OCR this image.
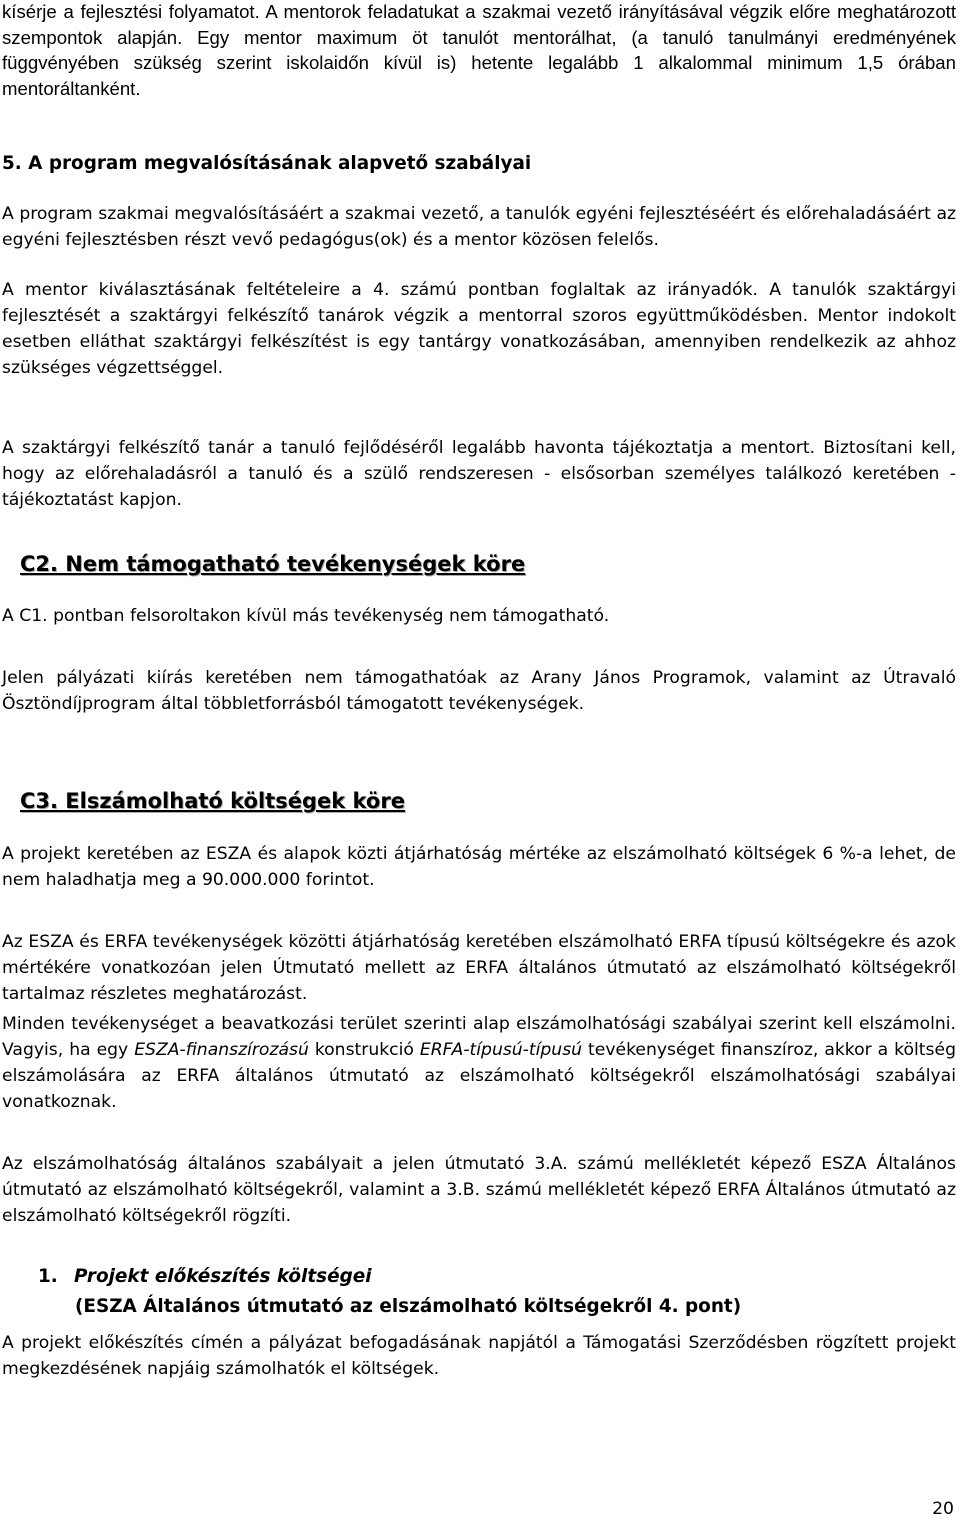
kísérje a fejlesztési folyamatot. A mentorok feladatukat a szakmai vezető irányításával végzik előre meghatározott szempontok alapján. Egy mentor maximum öt tanulót mentorálhat, (a tanuló tanulmányi eredményének függvényében szükség szerint iskolaidőn kívül is) hetente legalább 1 alkalommal minimum 1,5 órában mentoráltanként.

5. A program megvalósításának alapvető szabályai

A program szakmai megvalósításáért a szakmai vezető, a tanulók egyéni fejlesztéséért és előrehaladásáért az egyéni fejlesztésben részt vevő pedagógus(ok) és a mentor közösen felelős.

A mentor kiválasztásának feltételeire a 4. számú pontban foglaltak az irányadók. A tanulók szaktárgyi fejlesztését a szaktárgyi felkészítő tanárok végzik a mentorral szoros együttműködésben. Mentor indokolt esetben elláthat szaktárgyi felkészítést is egy tantárgy vonatkozásában, amennyiben rendelkezik az ahhoz szükséges végzettséggel.

A szaktárgyi felkészítő tanár a tanuló fejlődéséről legalább havonta tájékoztatja a mentort. Biztosítani kell, hogy az előrehaladásról a tanuló és a szülő rendszeresen - elsősorban személyes találkozó keretében - tájékoztatást kapjon.

C2. Nem támogatható tevékenységek köre

A C1. pontban felsoroltakon kívül más tevékenység nem támogatható.

Jelen pályázati kiírás keretében nem támogathatóak az Arany János Programok, valamint az Útravaló Ösztöndíjprogram által többletforrásból támogatott tevékenységek.

C3. Elszámolható költségek köre

A projekt keretében az ESZA és alapok közti átjárhatóság mértéke az elszámolható költségek 6 %-a lehet, de nem haladhatja meg a 90.000.000 forintot.

Az ESZA és ERFA tevékenységek közötti átjárhatóság keretében elszámolható ERFA típusú költségekre és azok mértékére vonatkozóan jelen Útmutató mellett az ERFA általános útmutató az elszámolható költségekről tartalmaz részletes meghatározást.

Minden tevékenységet a beavatkozási terület szerinti alap elszámolhatósági szabályai szerint kell elszámolni. Vagyis, ha egy ESZA-finanszírozású konstrukció ERFA-típusú-típusú tevékenységet finanszíroz, akkor a költség elszámolására az ERFA általános útmutató az elszámolható költségekről elszámolhatósági szabályai vonatkoznak.

Az elszámolhatóság általános szabályait a jelen útmutató 3.A. számú mellékletét képező ESZA Általános útmutató az elszámolható költségekről, valamint a 3.B. számú mellékletét képező ERFA Általános útmutató az elszámolható költségekről rögzíti.

1. Projekt előkészítés költségei
(ESZA Általános útmutató az elszámolható költségekről 4. pont)

A projekt előkészítés címén a pályázat befogadásának napjától a Támogatási Szerződésben rögzített projekt megkezdésének napjáig számolhatók el költségek.

20
